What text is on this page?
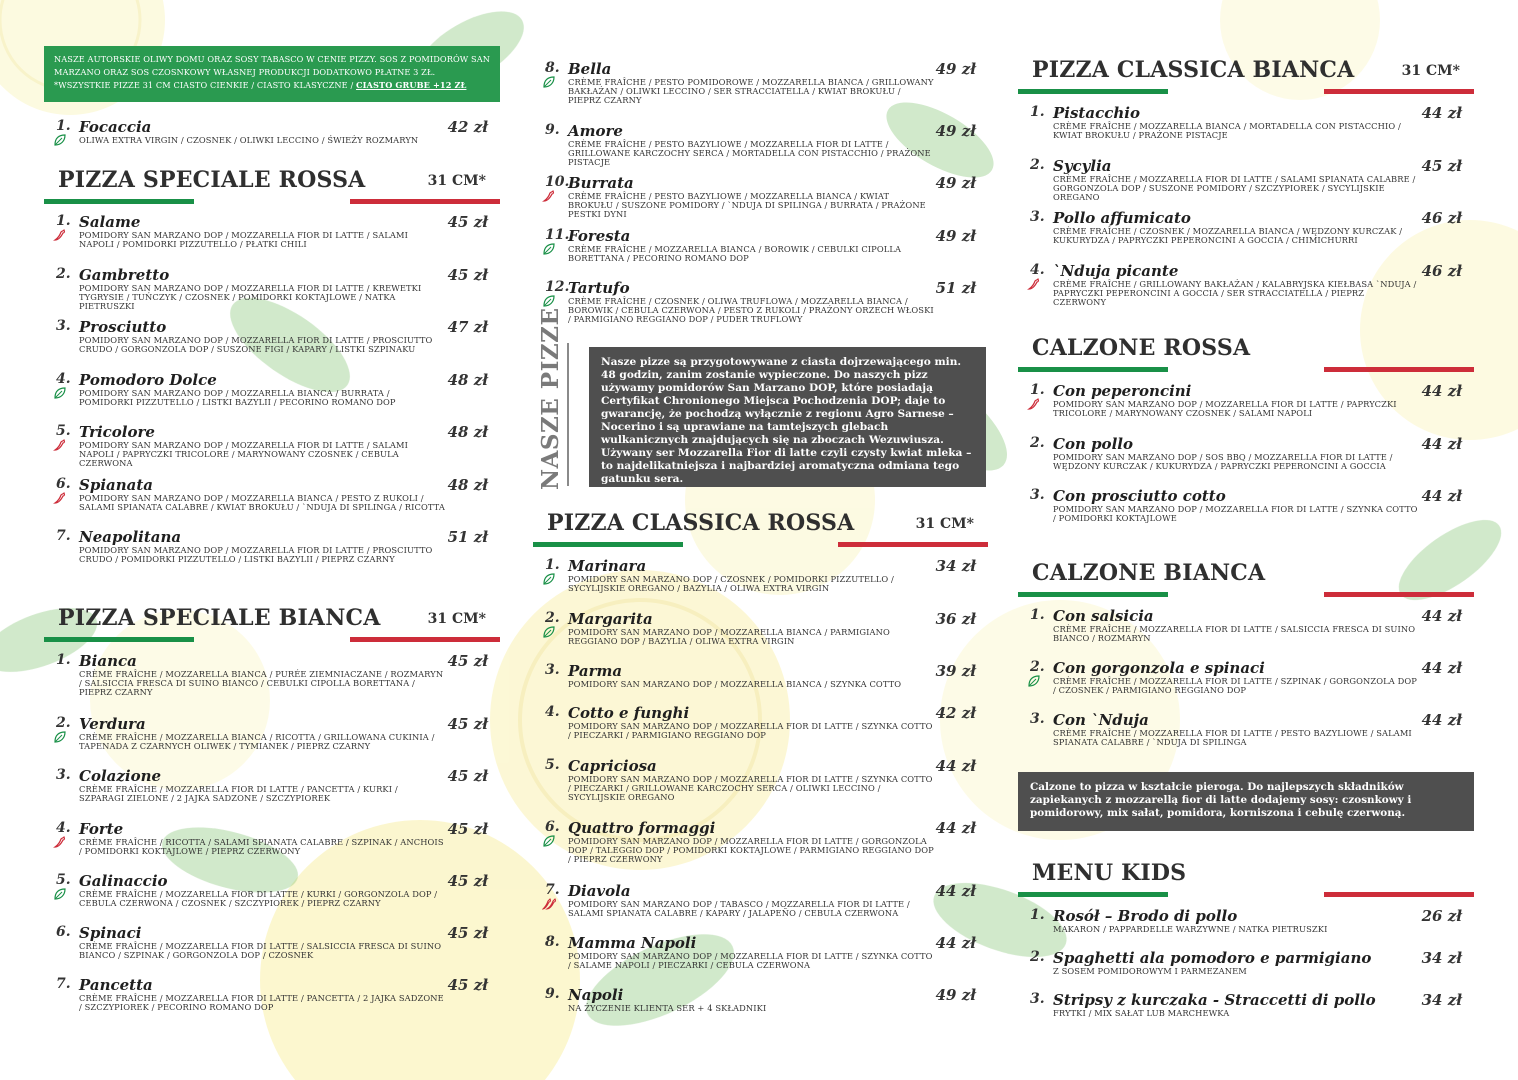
NASZE AUTORSKIE OLIWY DOMU ORAZ SOSY TABASCO W CENIE PIZZY. SOS Z POMIDORÓW SAN MARZANO ORAZ SOS CZOSNKOWY WŁASNEJ PRODUKCJI DODATKOWO PŁATNE 3 ZŁ.
*WSZYSTKIE PIZZE 31 CM CIASTO CIENKIE / CIASTO KLASYCZNE / CIASTO GRUBE +12 ZŁ
1. Focaccia	42 zł
OLIWA EXTRA VIRGIN / CZOSNEK / OLIWKI LECCINO / ŚWIEŻY ROZMARYN
PIZZA SPECIALE ROSSA	31 CM*
1. Salame	45 zł
POMIDORY SAN MARZANO DOP / MOZZARELLA FIOR DI LATTE / SALAMI NAPOLI / POMIDORKI PIZZUTELLO / PŁATKI CHILI
2. Gambretto	45 zł
POMIDORY SAN MARZANO DOP / MOZZARELLA FIOR DI LATTE / KREWETKI TYGRYSIE / TUŃCZYK / CZOSNEK / POMIDORKI KOKTAJLOWE / NATKA PIETRUSZKI
3. Prosciutto	47 zł
POMIDORY SAN MARZANO DOP / MOZZARELLA FIOR DI LATTE / PROSCIUTTO CRUDO / GORGONZOLA DOP / SUSZONE FIGI / KAPARY / LISTKI SZPINAKU
4. Pomodoro Dolce	48 zł
POMIDORY SAN MARZANO DOP / MOZZARELLA BIANCA / BURRATA / POMIDORKI PIZZUTELLO / LISTKI BAZYLII / PECORINO ROMANO DOP
5. Tricolore	48 zł
POMIDORY SAN MARZANO DOP / MOZZARELLA FIOR DI LATTE / SALAMI NAPOLI / PAPRYCZKI TRICOLORE / MARYNOWANY CZOSNEK / CEBULA CZERWONA
6. Spianata	48 zł
POMIDORY SAN MARZANO DOP / MOZZARELLA BIANCA / PESTO Z RUKOLI / SALAMI SPIANATA CALABRE / KWIAT BROKUŁU / `NDUJA DI SPILINGA / RICOTTA
7. Neapolitana	51 zł
POMIDORY SAN MARZANO DOP / MOZZARELLA FIOR DI LATTE / PROSCIUTTO CRUDO / POMIDORKI PIZZUTELLO / LISTKI BAZYLII / PIEPRZ CZARNY
PIZZA SPECIALE BIANCA	31 CM*
1. Bianca	45 zł
CRÈME FRAÎCHE / MOZZARELLA BIANCA / PURÉE ZIEMNIACZANE / ROZMARYN / SALSICCIA FRESCA DI SUINO BIANCO / CEBULKI CIPOLLA BORETTANA / PIEPRZ CZARNY
2. Verdura	45 zł
CRÈME FRAÎCHE / MOZZARELLA BIANCA / RICOTTA / GRILLOWANA CUKINIA / TAPENADA Z CZARNYCH OLIWEK / TYMIANEK / PIEPRZ CZARNY
3. Colazione	45 zł
CRÈME FRAÎCHE / MOZZARELLA FIOR DI LATTE / PANCETTA / KURKI / SZPARAGI ZIELONE / 2 JAJKA SADZONE / SZCZYPIOREK
4. Forte	45 zł
CRÈME FRAÎCHE / RICOTTA / SALAMI SPIANATA CALABRE / SZPINAK / ANCHOIS / POMIDORKI KOKTAJLOWE / PIEPRZ CZERWONY
5. Galinaccio	45 zł
CRÈME FRAÎCHE / MOZZARELLA FIOR DI LATTE / KURKI / GORGONZOLA DOP / CEBULA CZERWONA / CZOSNEK / SZCZYPIOREK / PIEPRZ CZARNY
6. Spinaci	45 zł
CRÈME FRAÎCHE / MOZZARELLA FIOR DI LATTE / SALSICCIA FRESCA DI SUINO BIANCO / SZPINAK / GORGONZOLA DOP / CZOSNEK
7. Pancetta	45 zł
CRÈME FRAÎCHE / MOZZARELLA FIOR DI LATTE / PANCETTA / 2 JAJKA SADZONE / SZCZYPIOREK / PECORINO ROMANO DOP
8. Bella	49 zł
CRÈME FRAÎCHE / PESTO POMIDOROWE / MOZZARELLA BIANCA / GRILLOWANY BAKŁAŻAN / OLIWKI LECCINO / SER STRACCIATELLA / KWIAT BROKUŁU / PIEPRZ CZARNY
9. Amore	49 zł
CRÈME FRAÎCHE / PESTO BAZYLIOWE / MOZZARELLA FIOR DI LATTE / GRILLOWANE KARCZOCHY SERCA / MORTADELLA CON PISTACCHIO / PRAŻONE PISTACJE
10.
Burrata	49 zł
CRÈME FRAÎCHE / PESTO BAZYLIOWE / MOZZARELLA BIANCA / KWIAT BROKUŁU / SUSZONE POMIDORY / `NDUJA DI SPILINGA / BURRATA / PRAŻONE PESTKI DYNI
11.
Foresta	49 zł
CRÈME FRAÎCHE / MOZZARELLA BIANCA / BOROWIK / CEBULKI CIPOLLA BORETTANA / PECORINO ROMANO DOP
12.
Tartufo	51 zł
CRÈME FRAÎCHE / CZOSNEK / OLIWA TRUFLOWA / MOZZARELLA BIANCA / BOROWIK / CEBULA CZERWONA / PESTO Z RUKOLI / PRAŻONY ORZECH WŁOSKI / PARMIGIANO REGGIANO DOP / PUDER TRUFLOWY
NASZE PIZZE	Nasze pizze są przygotowywane z ciasta dojrzewającego min. 48 godzin, zanim zostanie wypieczone. Do naszych pizz używamy pomidorów San Marzano DOP, które posiadają Certyfikat Chronionego Miejsca Pochodzenia DOP; daje to gwarancję, że pochodzą wyłącznie z regionu Agro Sarnese – Nocerino i są uprawiane na tamtejszych glebach wulkanicznych znajdujących się na zboczach Wezuwiusza. Używany ser Mozzarella Fior di latte czyli czysty kwiat mleka – to najdelikatniejsza i najbardziej aromatyczna odmiana tego gatunku sera.
PIZZA CLASSICA ROSSA	31 CM*
1. Marinara	34 zł
POMIDORY SAN MARZANO DOP / CZOSNEK / POMIDORKI PIZZUTELLO / SYCYLIJSKIE OREGANO / BAZYLIA / OLIWA EXTRA VIRGIN
2. Margarita	36 zł
POMIDORY SAN MARZANO DOP / MOZZARELLA BIANCA / PARMIGIANO REGGIANO DOP / BAZYLIA / OLIWA EXTRA VIRGIN
3. Parma	39 zł
POMIDORY SAN MARZANO DOP / MOZZARELLA BIANCA / SZYNKA COTTO
4. Cotto e funghi	42 zł
POMIDORY SAN MARZANO DOP / MOZZARELLA FIOR DI LATTE / SZYNKA COTTO / PIECZARKI / PARMIGIANO REGGIANO DOP
5. Capriciosa	44 zł
POMIDORY SAN MARZANO DOP / MOZZARELLA FIOR DI LATTE / SZYNKA COTTO / PIECZARKI / GRILLOWANE KARCZOCHY SERCA / OLIWKI LECCINO / SYCYLIJSKIE OREGANO
6. Quattro formaggi	44 zł
POMIDORY SAN MARZANO DOP / MOZZARELLA FIOR DI LATTE / GORGONZOLA DOP / TALEGGIO DOP / POMIDORKI KOKTAJLOWE / PARMIGIANO REGGIANO DOP / PIEPRZ CZERWONY
7. Diavola	44 zł
POMIDORY SAN MARZANO DOP / TABASCO / MOZZARELLA FIOR DI LATTE / SALAMI SPIANATA CALABRE / KAPARY / JALAPEÑO / CEBULA CZERWONA
8. Mamma Napoli	44 zł
POMIDORY SAN MARZANO DOP / MOZZARELLA FIOR DI LATTE / SZYNKA COTTO / SALAME NAPOLI / PIECZARKI / CEBULA CZERWONA
9. Napoli	49 zł
NA ŻYCZENIE KLIENTA SER + 4 SKŁADNIKI
PIZZA CLASSICA BIANCA	31 CM*
1. Pistacchio	44 zł
CRÈME FRAÎCHE / MOZZARELLA BIANCA / MORTADELLA CON PISTACCHIO / KWIAT BROKUŁU / PRAŻONE PISTACJE
2. Sycylia	45 zł
CRÈME FRAÎCHE / MOZZARELLA FIOR DI LATTE / SALAMI SPIANATA CALABRE / GORGONZOLA DOP / SUSZONE POMIDORY / SZCZYPIOREK / SYCYLIJSKIE OREGANO
3. Pollo affumicato	46 zł
CRÈME FRAÎCHE / CZOSNEK / MOZZARELLA BIANCA / WĘDZONY KURCZAK / KUKURYDZA / PAPRYCZKI PEPERONCINI A GOCCIA / CHIMICHURRI
4. `Nduja picante	46 zł
CRÈME FRAÎCHE / GRILLOWANY BAKŁAŻAN / KALABRYJSKA KIEŁBASA `NDUJA / PAPRYCZKI PEPERONCINI A GOCCIA / SER STRACCIATELLA / PIEPRZ CZERWONY
CALZONE ROSSA
1. Con peperoncini	44 zł
POMIDORY SAN MARZANO DOP / MOZZARELLA FIOR DI LATTE / PAPRYCZKI TRICOLORE / MARYNOWANY CZOSNEK / SALAMI NAPOLI
2. Con pollo	44 zł
POMIDORY SAN MARZANO DOP / SOS BBQ / MOZZARELLA FIOR DI LATTE / WĘDZONY KURCZAK / KUKURYDZA / PAPRYCZKI PEPERONCINI A GOCCIA
3. Con prosciutto cotto	44 zł
POMIDORY SAN MARZANO DOP / MOZZARELLA FIOR DI LATTE / SZYNKA COTTO / POMIDORKI KOKTAJLOWE
CALZONE BIANCA
1. Con salsicia	44 zł
CRÈME FRAÎCHE / MOZZARELLA FIOR DI LATTE / SALSICCIA FRESCA DI SUINO BIANCO / ROZMARYN
2. Con gorgonzola e spinaci	44 zł
CRÈME FRAÎCHE / MOZZARELLA FIOR DI LATTE / SZPINAK / GORGONZOLA DOP / CZOSNEK / PARMIGIANO REGGIANO DOP
3. Con `Nduja	44 zł
CRÈME FRAÎCHE / MOZZARELLA FIOR DI LATTE / PESTO BAZYLIOWE / SALAMI SPIANATA CALABRE / `NDUJA DI SPILINGA
Calzone to pizza w kształcie pieroga. Do najlepszych składników zapiekanych z mozzarellą fior di latte dodajemy sosy: czosnkowy i pomidorowy, mix sałat, pomidora, korniszona i cebulę czerwoną.
MENU KIDS
1. Rosół – Brodo di pollo	26 zł
MAKARON / PAPPARDELLE WARZYWNE / NATKA PIETRUSZKI
2. Spaghetti ala pomodoro e parmigiano	34 zł
Z SOSEM POMIDOROWYM I PARMEZANEM
3. Stripsy z kurczaka - Straccetti di pollo	34 zł
FRYTKI / MIX SAŁAT LUB MARCHEWKA
